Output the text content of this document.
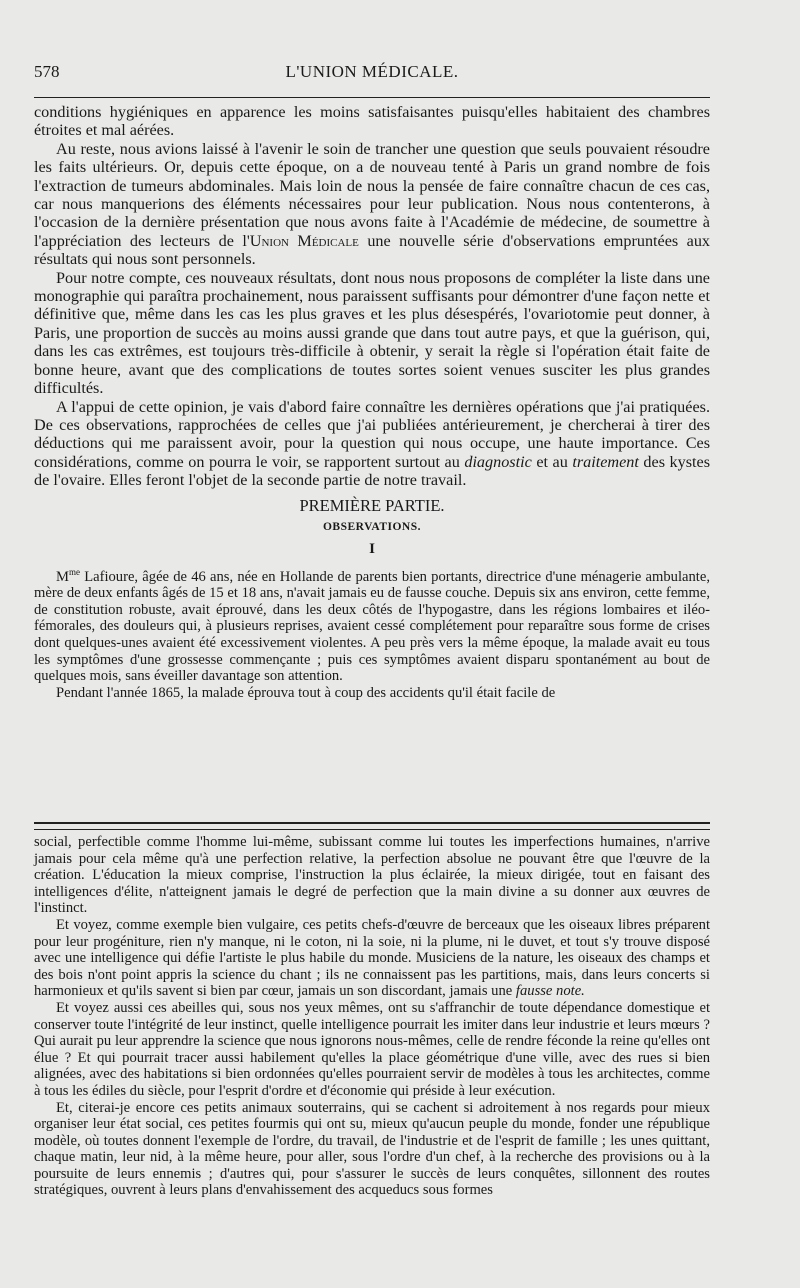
578	L'UNION MÉDICALE.

conditions hygiéniques en apparence les moins satisfaisantes puisqu'elles habitaient des chambres étroites et mal aérées.

Au reste, nous avions laissé à l'avenir le soin de trancher une question que seuls pouvaient résoudre les faits ultérieurs. Or, depuis cette époque, on a de nouveau tenté à Paris un grand nombre de fois l'extraction de tumeurs abdominales. Mais loin de nous la pensée de faire connaître chacun de ces cas, car nous manquerions des éléments nécessaires pour leur publication. Nous nous contenterons, à l'occasion de la dernière présentation que nous avons faite à l'Académie de médecine, de soumettre à l'appréciation des lecteurs de l'Union Médicale une nouvelle série d'observations empruntées aux résultats qui nous sont personnels.

Pour notre compte, ces nouveaux résultats, dont nous nous proposons de compléter la liste dans une monographie qui paraîtra prochainement, nous paraissent suffisants pour démontrer d'une façon nette et définitive que, même dans les cas les plus graves et les plus désespérés, l'ovariotomie peut donner, à Paris, une proportion de succès au moins aussi grande que dans tout autre pays, et que la guérison, qui, dans les cas extrêmes, est toujours très-difficile à obtenir, y serait la règle si l'opération était faite de bonne heure, avant que des complications de toutes sortes soient venues susciter les plus grandes difficultés.

A l'appui de cette opinion, je vais d'abord faire connaître les dernières opérations que j'ai pratiquées. De ces observations, rapprochées de celles que j'ai publiées antérieurement, je chercherai à tirer des déductions qui me paraissent avoir, pour la question qui nous occupe, une haute importance. Ces considérations, comme on pourra le voir, se rapportent surtout au diagnostic et au traitement des kystes de l'ovaire. Elles feront l'objet de la seconde partie de notre travail.

PREMIÈRE PARTIE.
OBSERVATIONS.
I

$M^{me}$ Lafioure, âgée de 46 ans, née en Hollande de parents bien portants, directrice d'une ménagerie ambulante, mère de deux enfants âgés de 15 et 18 ans, n'avait jamais eu de fausse couche. Depuis six ans environ, cette femme, de constitution robuste, avait éprouvé, dans les deux côtés de l'hypogastre, dans les régions lombaires et iléo-fémorales, des douleurs qui, à plusieurs reprises, avaient cessé complétement pour reparaître sous forme de crises dont quelques-unes avaient été excessivement violentes. A peu près vers la même époque, la malade avait eu tous les symptômes d'une grossesse commençante ; puis ces symptômes avaient disparu spontanément au bout de quelques mois, sans éveiller davantage son attention.

Pendant l'année 1865, la malade éprouva tout à coup des accidents qu'il était facile de

social, perfectible comme l'homme lui-même, subissant comme lui toutes les imperfections humaines, n'arrive jamais pour cela même qu'à une perfection relative, la perfection absolue ne pouvant être que l'œuvre de la création. L'éducation la mieux comprise, l'instruction la plus éclairée, la mieux dirigée, tout en faisant des intelligences d'élite, n'atteignent jamais le degré de perfection que la main divine a su donner aux œuvres de l'instinct.

Et voyez, comme exemple bien vulgaire, ces petits chefs-d'œuvre de berceaux que les oiseaux libres préparent pour leur progéniture, rien n'y manque, ni le coton, ni la soie, ni la plume, ni le duvet, et tout s'y trouve disposé avec une intelligence qui défie l'artiste le plus habile du monde. Musiciens de la nature, les oiseaux des champs et des bois n'ont point appris la science du chant ; ils ne connaissent pas les partitions, mais, dans leurs concerts si harmonieux et qu'ils savent si bien par cœur, jamais un son discordant, jamais une fausse note.

Et voyez aussi ces abeilles qui, sous nos yeux mêmes, ont su s'affranchir de toute dépendance domestique et conserver toute l'intégrité de leur instinct, quelle intelligence pourrait les imiter dans leur industrie et leurs mœurs ? Qui aurait pu leur apprendre la science que nous ignorons nous-mêmes, celle de rendre féconde la reine qu'elles ont élue ? Et qui pourrait tracer aussi habilement qu'elles la place géométrique d'une ville, avec des rues si bien alignées, avec des habitations si bien ordonnées qu'elles pourraient servir de modèles à tous les architectes, comme à tous les édiles du siècle, pour l'esprit d'ordre et d'économie qui préside à leur exécution.

Et, citerai-je encore ces petits animaux souterrains, qui se cachent si adroitement à nos regards pour mieux organiser leur état social, ces petites fourmis qui ont su, mieux qu'aucun peuple du monde, fonder une république modèle, où toutes donnent l'exemple de l'ordre, du travail, de l'industrie et de l'esprit de famille ; les unes quittant, chaque matin, leur nid, à la même heure, pour aller, sous l'ordre d'un chef, à la recherche des provisions ou à la poursuite de leurs ennemis ; d'autres qui, pour s'assurer le succès de leurs conquêtes, sillonnent des routes stratégiques, ouvrent à leurs plans d'envahissement des acqueducs sous formes
